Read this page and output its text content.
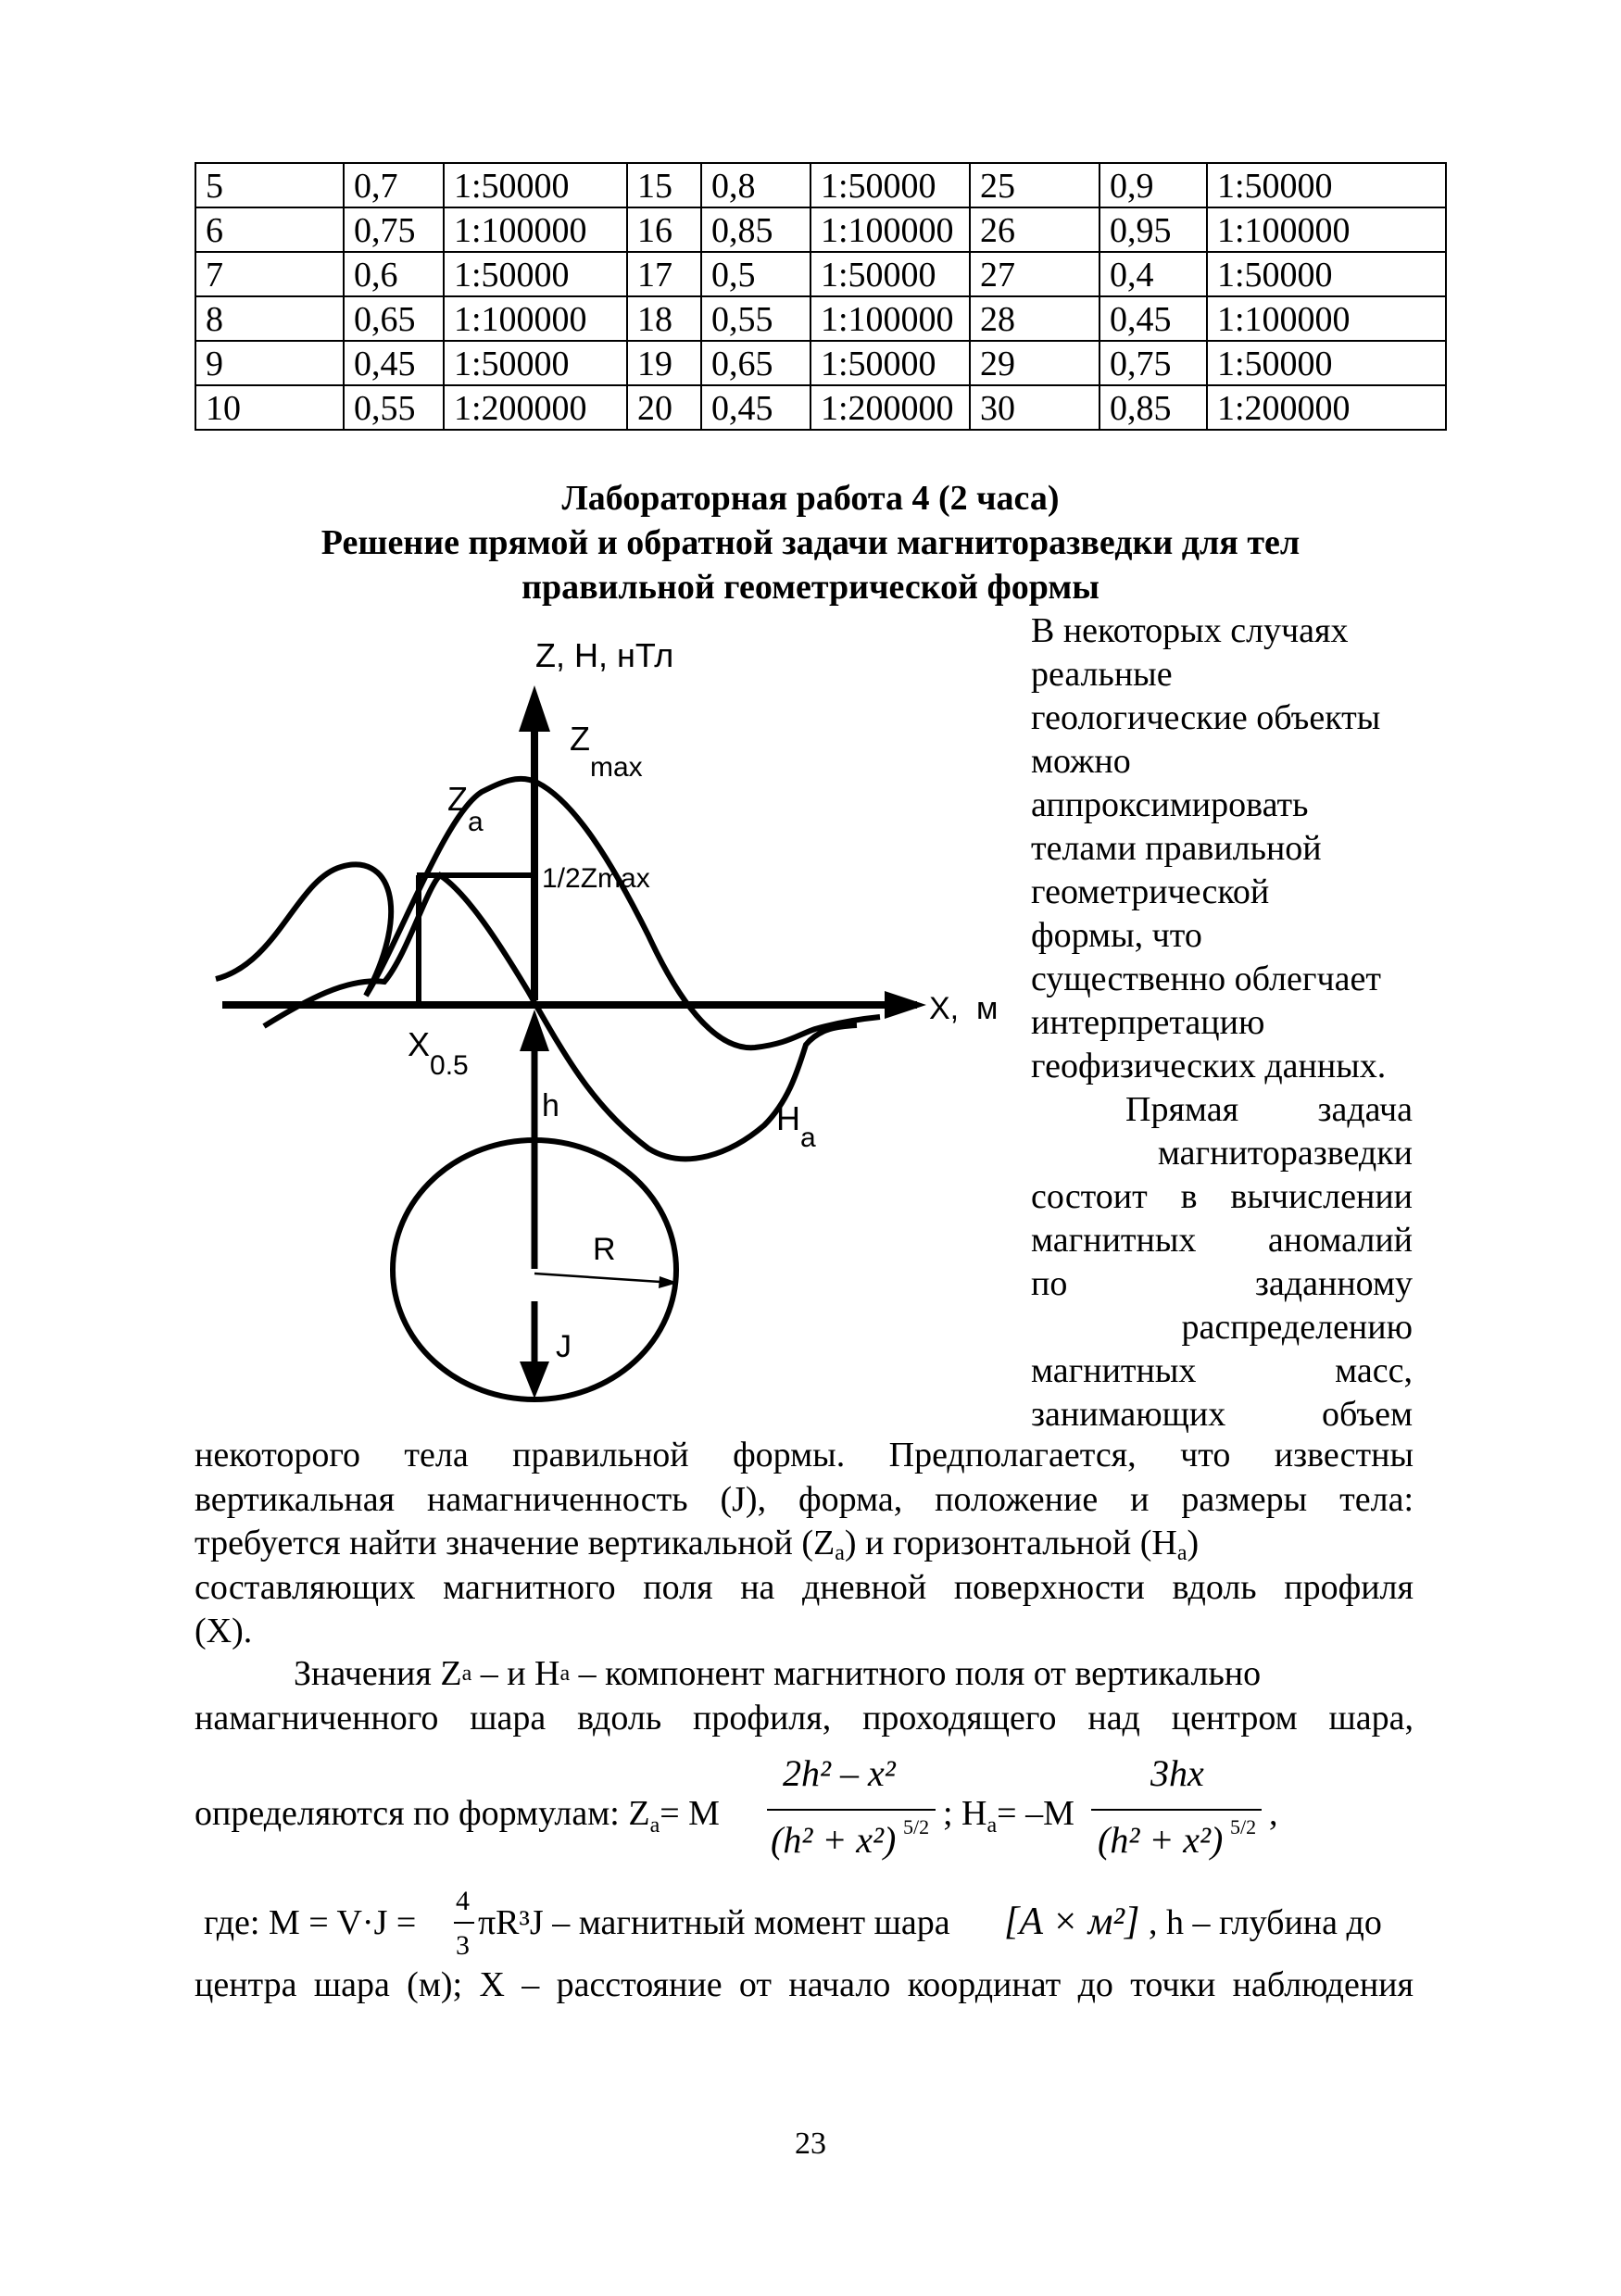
5	0,7	1:50000	15	0,8	1:50000	25	0,9	1:50000
6	0,75	1:100000	16	0,85	1:100000	26	0,95	1:100000
7	0,6	1:50000	17	0,5	1:50000	27	0,4	1:50000
8	0,65	1:100000	18	0,55	1:100000	28	0,45	1:100000
9	0,45	1:50000	19	0,65	1:50000	29	0,75	1:50000
10	0,55	1:200000	20	0,45	1:200000	30	0,85	1:200000
Лабораторная работа 4 (2 часа)
Решение прямой и обратной задачи магниторазведки для тел
правильной геометрической формы
Z, H, нТл
$Z_{max}$
$Z_a$
1/2Zmax
X,  м
$X_{0.5}$
h	$H_a$
R
J
В некоторых случаях
реальные
геологические объекты
можно
аппроксимировать
телами правильной
геометрической
формы, что
существенно облегчает
интерпретацию
геофизических данных.
Прямая задача
магниторазведки
состоит в вычислении
магнитных аномалий
по	заданному
распределению
магнитных	масс,
занимающих	объем
некоторого тела правильной формы. Предполагается, что известны
вертикальная намагниченность (J), форма, положение и размеры тела:
требуется найти значение вертикальной $(Z_a)$ и горизонтальной $(H_a)$
составляющих магнитного поля на дневной поверхности вдоль профиля
(X).
Значения Z a – и H a – компонент магнитного поля от вертикально
намагниченного шара вдоль профиля, проходящего над центром шара,
определяются по формулам: $Z_a= M$
2h² – x²
(h² + x²) 5/2 ; $H_a= -M$
3hx
(h² + x²) 5/2 ,
где: M = V·J =
4
3
πR³J – магнитный момент шара [A × м²] , h – глубина до
центра шара (м); X – расстояние от начало координат до точки наблюдения
23
